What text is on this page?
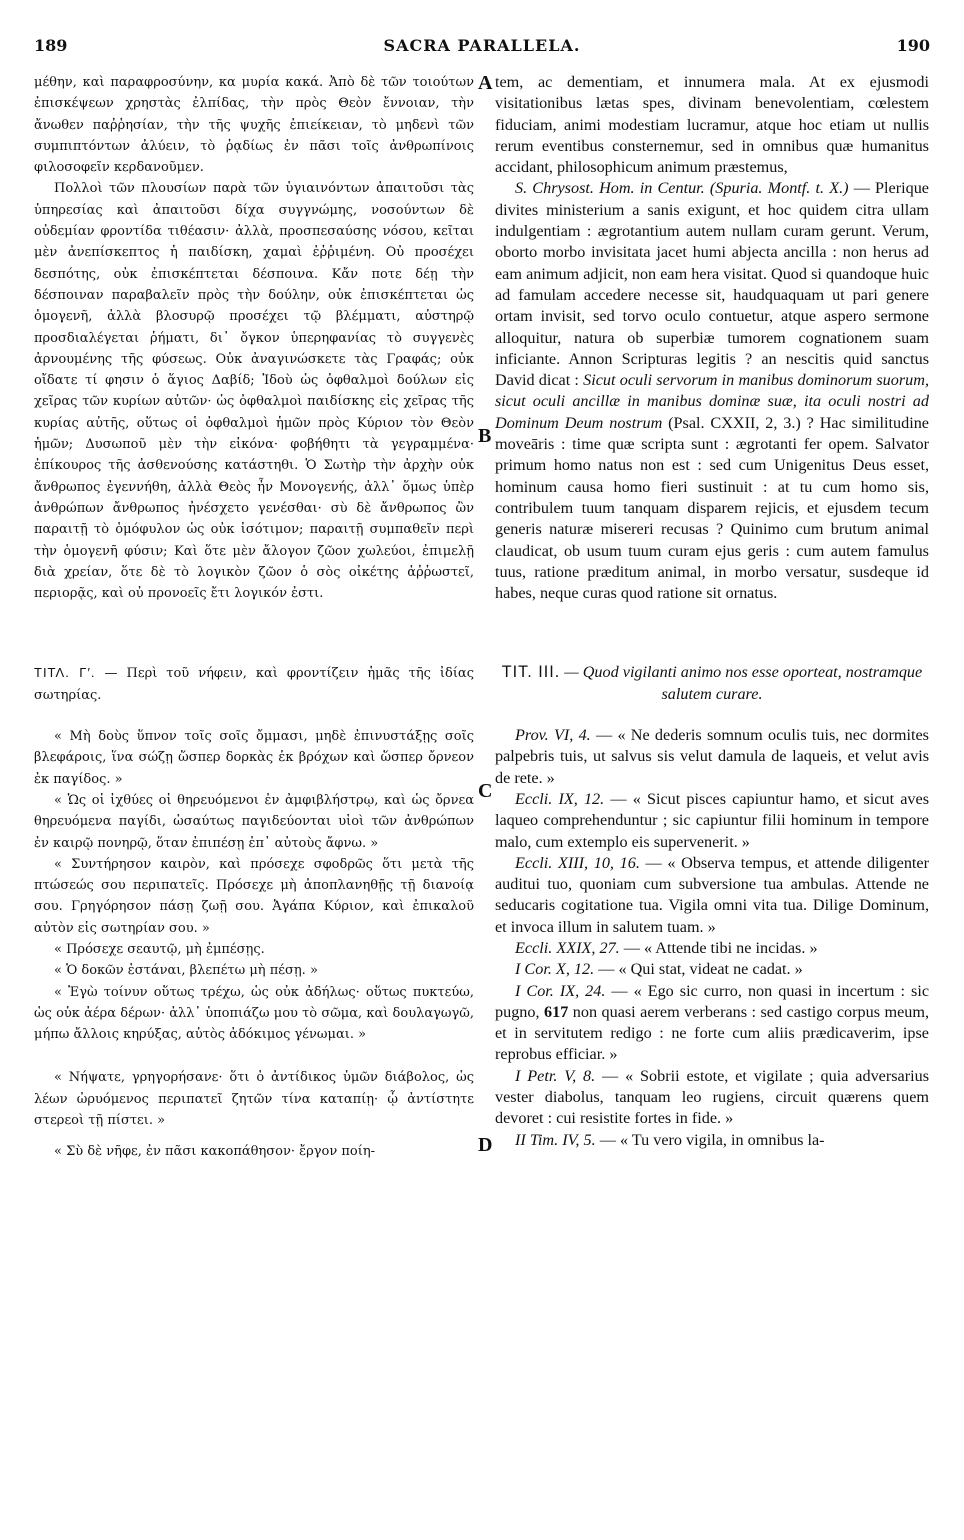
189	SACRA PARALLELA.	190
A
B
C
D

μέθην, καὶ παραφροσύνην, κα μυρία κακά. Ἀπὸ δὲ τῶν τοιούτων ἐπισκέψεων χρηστὰς ἐλπίδας, τὴν πρὸς Θεὸν ἔννοιαν, τὴν ἄνωθεν παῤῥησίαν, τὴν τῆς ψυχῆς ἐπιείκειαν, τὸ μηδενὶ τῶν συμπιπτόντων ἀλύειν, τὸ ῥᾳδίως ἐν πᾶσι τοῖς ἀνθρωπίνοις φιλοσοφεῖν κερδανοῦμεν.

Πολλοὶ τῶν πλουσίων παρὰ τῶν ὑγιαινόντων ἀπαιτοῦσι τὰς ὑπηρεσίας καὶ ἀπαιτοῦσι δίχα συγγνώμης, νοσούντων δὲ οὐδεμίαν φροντίδα τιθέασιν· ἀλλὰ, προσπεσαύσης νόσου, κεῖται μὲν ἀνεπίσκεπτος ἡ παιδίσκη, χαμαὶ ἐῤῥιμένη. Οὐ προσέχει δεσπότης, οὐκ ἐπισκέπτεται δέσποινα. Κἄν ποτε δέῃ τὴν δέσποιναν παραβαλεῖν πρὸς τὴν δούλην, οὐκ ἐπισκέπτεται ὡς ὁμογενῆ, ἀλλὰ βλοσυρῷ προσέχει τῷ βλέμματι, αὐστηρῷ προσδιαλέγεται ῥήματι, δι᾿ ὄγκον ὑπερηφανίας τὸ συγγενὲς ἀρνουμένης τῆς φύσεως. Οὐκ ἀναγινώσκετε τὰς Γραφάς; οὐκ οἴδατε τί φησιν ὁ ἅγιος Δαβίδ; Ἰδοὺ ὡς ὀφθαλμοὶ δούλων εἰς χεῖρας τῶν κυρίων αὐτῶν· ὡς ὀφθαλμοὶ παιδίσκης εἰς χεῖρας τῆς κυρίας αὐτῆς, οὕτως οἱ ὀφθαλμοὶ ἡμῶν πρὸς Κύριον τὸν Θεὸν ἡμῶν; Δυσωποῦ μὲν τὴν εἰκόνα· φοβήθητι τὰ γεγραμμένα· ἐπίκουρος τῆς ἀσθενούσης κατάστηθι. Ὁ Σωτὴρ τὴν ἀρχὴν οὐκ ἄνθρωπος ἐγεννήθη, ἀλλὰ Θεὸς ἦν Μονογενής, ἀλλ᾿ ὅμως ὑπὲρ ἀνθρώπων ἄνθρωπος ἠνέσχετο γενέσθαι· σὺ δὲ ἄνθρωπος ὢν παραιτῇ τὸ ὁμόφυλον ὡς οὐκ ἰσότιμον; παραιτῇ συμπαθεῖν περὶ τὴν ὁμογενῆ φύσιν; Καὶ ὅτε μὲν ἄλογον ζῶον χωλεύοι, ἐπιμελῇ διὰ χρείαν, ὅτε δὲ τὸ λογικὸν ζῶον ὁ σὸς οἰκέτης ἀῤῥωστεῖ, περιορᾷς, καὶ οὐ προνοεῖς ἔτι λογικόν ἐστι.

ΤΙΤΛ. Γ′. — Περὶ τοῦ νήφειν, καὶ φροντίζειν ἡμᾶς τῆς ἰδίας σωτηρίας.

« Μὴ δοὺς ὕπνον τοῖς σοῖς ὄμμασι, μηδὲ ἐπινυστάξῃς σοῖς βλεφάροις, ἵνα σώζῃ ὥσπερ δορκὰς ἐκ βρόχων καὶ ὥσπερ ὄρνεον ἐκ παγίδος. »

« Ὡς οἱ ἰχθύες οἱ θηρευόμενοι ἐν ἀμφιβλήστρῳ, καὶ ὡς ὄρνεα θηρευόμενα παγίδι, ὡσαύτως παγιδεύονται υἱοὶ τῶν ἀνθρώπων ἐν καιρῷ πονηρῷ, ὅταν ἐπιπέσῃ ἐπ᾿ αὐτοὺς ἄφνω. »

« Συντήρησον καιρὸν, καὶ πρόσεχε σφοδρῶς ὅτι μετὰ τῆς πτώσεώς σου περιπατεῖς. Πρόσεχε μὴ ἀποπλανηθῇς τῇ διανοίᾳ σου. Γρηγόρησον πάσῃ ζωῇ σου. Ἀγάπα Κύριον, καὶ ἐπικαλοῦ αὐτὸν εἰς σωτηρίαν σου. »

« Πρόσεχε σεαυτῷ, μὴ ἐμπέσῃς.

« Ὁ δοκῶν ἑστάναι, βλεπέτω μὴ πέσῃ. »

« Ἐγὼ τοίνυν οὕτως τρέχω, ὡς οὐκ ἀδήλως· οὕτως πυκτεύω, ὡς οὐκ ἀέρα δέρων· ἀλλ᾿ ὑποπιάζω μου τὸ σῶμα, καὶ δουλαγωγῶ, μήπω ἄλλοις κηρύξας, αὐτὸς ἀδόκιμος γένωμαι. »

« Νήψατε, γρηγορήσανε· ὅτι ὁ ἀντίδικος ὑμῶν διάβολος, ὡς λέων ὠρυόμενος περιπατεῖ ζητῶν τίνα καταπίῃ· ᾧ ἀντίστητε στερεοὶ τῇ πίστει. »

« Σὺ δὲ νῆφε, ἐν πᾶσι κακοπάθησον· ἔργον ποίη-

tem, ac dementiam, et innumera mala. At ex ejusmodi visitationibus lætas spes, divinam benevolentiam, cœlestem fiduciam, animi modestiam lucramur, atque hoc etiam ut nullis rerum eventibus consternemur, sed in omnibus quæ humanitus accidant, philosophicum animum præstemus,

S. Chrysost. Hom. in Centur. (Spuria. Montf. t. X.) — Plerique divites ministerium a sanis exigunt, et hoc quidem citra ullam indulgentiam : ægrotantium autem nullam curam gerunt. Verum, oborto morbo invisitata jacet humi abjecta ancilla : non herus ad eam animum adjicit, non eam hera visitat. Quod si quandoque huic ad famulam accedere necesse sit, haudquaquam ut pari genere ortam invisit, sed torvo oculo contuetur, atque aspero sermone alloquitur, natura ob superbiæ tumorem cognationem suam inficiante. Annon Scripturas legitis ? an nescitis quid sanctus David dicat : Sicut oculi servorum in manibus dominorum suorum, sicut oculi ancillæ in manibus dominæ suæ, ita oculi nostri ad Dominum Deum nostrum (Psal. CXXII, 2, 3.) ? Hac similitudine moveāris : time quæ scripta sunt : ægrotanti fer opem. Salvator primum homo natus non est : sed cum Unigenitus Deus esset, hominum causa homo fieri sustinuit : at tu cum homo sis, contribulem tuum tanquam disparem rejicis, et ejusdem tecum generis naturæ misereri recusas ? Quinimo cum brutum animal claudicat, ob usum tuum curam ejus geris : cum autem famulus tuus, ratione præditum animal, in morbo versatur, susdeque id habes, neque curas quod ratione sit ornatus.

TIT. III. — Quod vigilanti animo nos esse oporteat, nostramque salutem curare.

Prov. VI, 4. — « Ne dederis somnum oculis tuis, nec dormites palpebris tuis, ut salvus sis velut damula de laqueis, et velut avis de rete. »

Eccli. IX, 12. — « Sicut pisces capiuntur hamo, et sicut aves laqueo comprehenduntur ; sic capiuntur filii hominum in tempore malo, cum extemplo eis supervenerit. »

Eccli. XIII, 10, 16. — « Observa tempus, et attende diligenter auditui tuo, quoniam cum subversione tua ambulas. Attende ne seducaris cogitatione tua. Vigila omni vita tua. Dilige Dominum, et invoca illum in salutem tuam. »

Eccli. XXIX, 27. — « Attende tibi ne incidas. »

I Cor. X, 12. — « Qui stat, videat ne cadat. »

I Cor. IX, 24. — « Ego sic curro, non quasi in incertum : sic pugno, 617 non quasi aerem verberans : sed castigo corpus meum, et in servitutem redigo : ne forte cum aliis prædicaverim, ipse reprobus efficiar. »

I Petr. V, 8. — « Sobrii estote, et vigilate ; quia adversarius vester diabolus, tanquam leo rugiens, circuit quærens quem devoret : cui resistite fortes in fide. »

II Tim. IV, 5. — « Tu vero vigila, in omnibus la-
